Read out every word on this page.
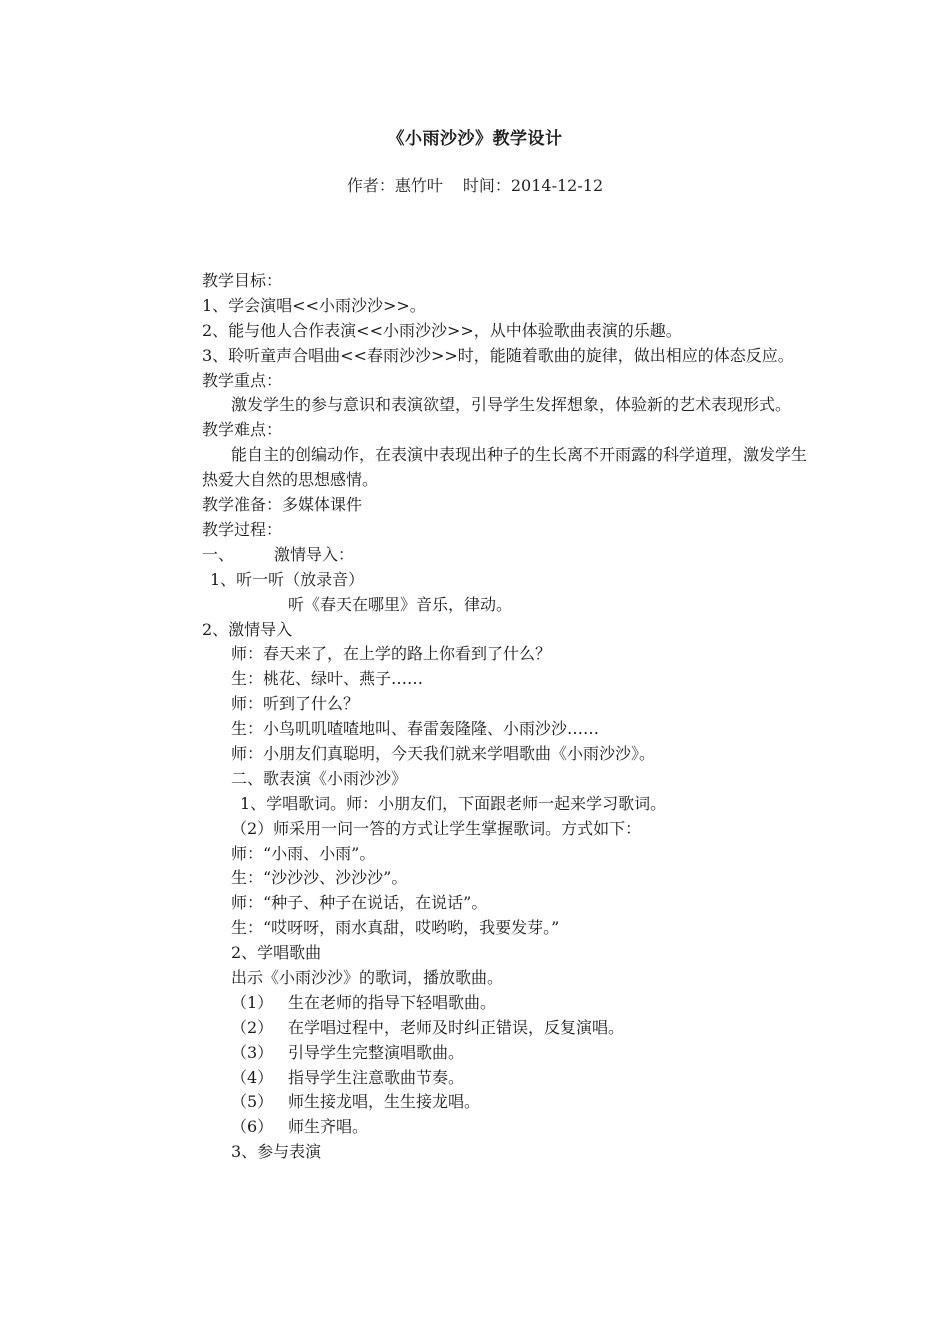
《小雨沙沙》教学设计
作者：惠竹叶 时间：2014-12-12
教学目标：
1、学会演唱<<小雨沙沙>>。
2、能与他人合作表演<<小雨沙沙>>，从中体验歌曲表演的乐趣。
3、聆听童声合唱曲<<春雨沙沙>>时，能随着歌曲的旋律，做出相应的体态反应。
教学重点：
激发学生的参与意识和表演欲望，引导学生发挥想象，体验新的艺术表现形式。
教学难点：
能自主的创编动作，在表演中表现出种子的生长离不开雨露的科学道理，激发学生热爱大自然的思想感情。
教学准备：多媒体课件
教学过程：
一、	激情导入：
1、听一听（放录音）
听《春天在哪里》音乐，律动。
2、激情导入
师：春天来了，在上学的路上你看到了什么？
生：桃花、绿叶、燕子……
师：听到了什么？
生：小鸟叽叽喳喳地叫、春雷轰隆隆、小雨沙沙……
师：小朋友们真聪明，今天我们就来学唱歌曲《小雨沙沙》。
二、歌表演《小雨沙沙》
1、学唱歌词。师：小朋友们，下面跟老师一起来学习歌词。
（2）师采用一问一答的方式让学生掌握歌词。方式如下：
师：“小雨、小雨”。
生：“沙沙沙、沙沙沙”。
师：“种子、种子在说话，在说话”。
生：“哎呀呀，雨水真甜，哎哟哟，我要发芽。”
2、学唱歌曲
出示《小雨沙沙》的歌词，播放歌曲。
（1） 生在老师的指导下轻唱歌曲。
（2） 在学唱过程中，老师及时纠正错误，反复演唱。
（3） 引导学生完整演唱歌曲。
（4） 指导学生注意歌曲节奏。
（5） 师生接龙唱，生生接龙唱。
（6） 师生齐唱。
3、参与表演
